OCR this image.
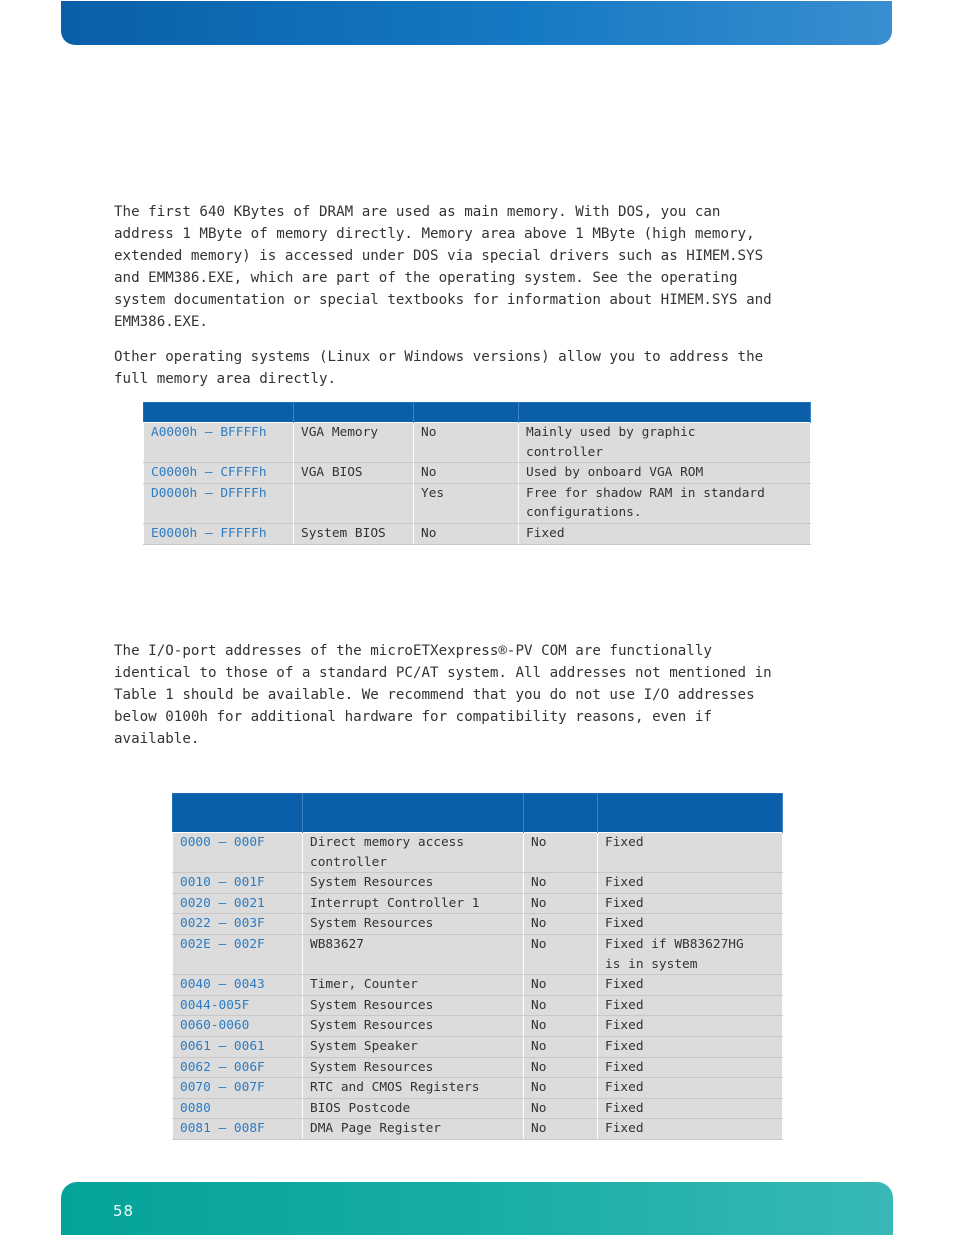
The first 640 KBytes of DRAM are used as main memory. With DOS, you can
address 1 MByte of memory directly. Memory area above 1 MByte (high memory,
extended memory) is accessed under DOS via special drivers such as HIMEM.SYS
and EMM386.EXE, which are part of the operating system. See the operating
system documentation or special textbooks for information about HIMEM.SYS and
EMM386.EXE.

Other operating systems (Linux or Windows versions) allow you to address the
full memory area directly.

A0000h – BFFFFh	VGA Memory	No	Mainly used by graphic
controller
C0000h – CFFFFh	VGA BIOS	No	Used by onboard VGA ROM
D0000h – DFFFFh		Yes	Free for shadow RAM in standard
configurations.
E0000h – FFFFFh	System BIOS	No	Fixed

The I/O-port addresses of the microETXexpress®-PV COM are functionally
identical to those of a standard PC/AT system. All addresses not mentioned in
Table 1 should be available. We recommend that you do not use I/O addresses
below 0100h for additional hardware for compatibility reasons, even if
available.

0000 – 000F	Direct memory access
controller	No	Fixed
0010 – 001F	System Resources	No	Fixed
0020 – 0021	Interrupt Controller 1	No	Fixed
0022 – 003F	System Resources	No	Fixed
002E – 002F	WB83627	No	Fixed if WB83627HG
is in system
0040 – 0043	Timer, Counter	No	Fixed
0044-005F	System Resources	No	Fixed
0060-0060	System Resources	No	Fixed
0061 – 0061	System Speaker	No	Fixed
0062 – 006F	System Resources	No	Fixed
0070 – 007F	RTC and CMOS Registers	No	Fixed
0080	BIOS Postcode	No	Fixed
0081 – 008F	DMA Page Register	No	Fixed
58
